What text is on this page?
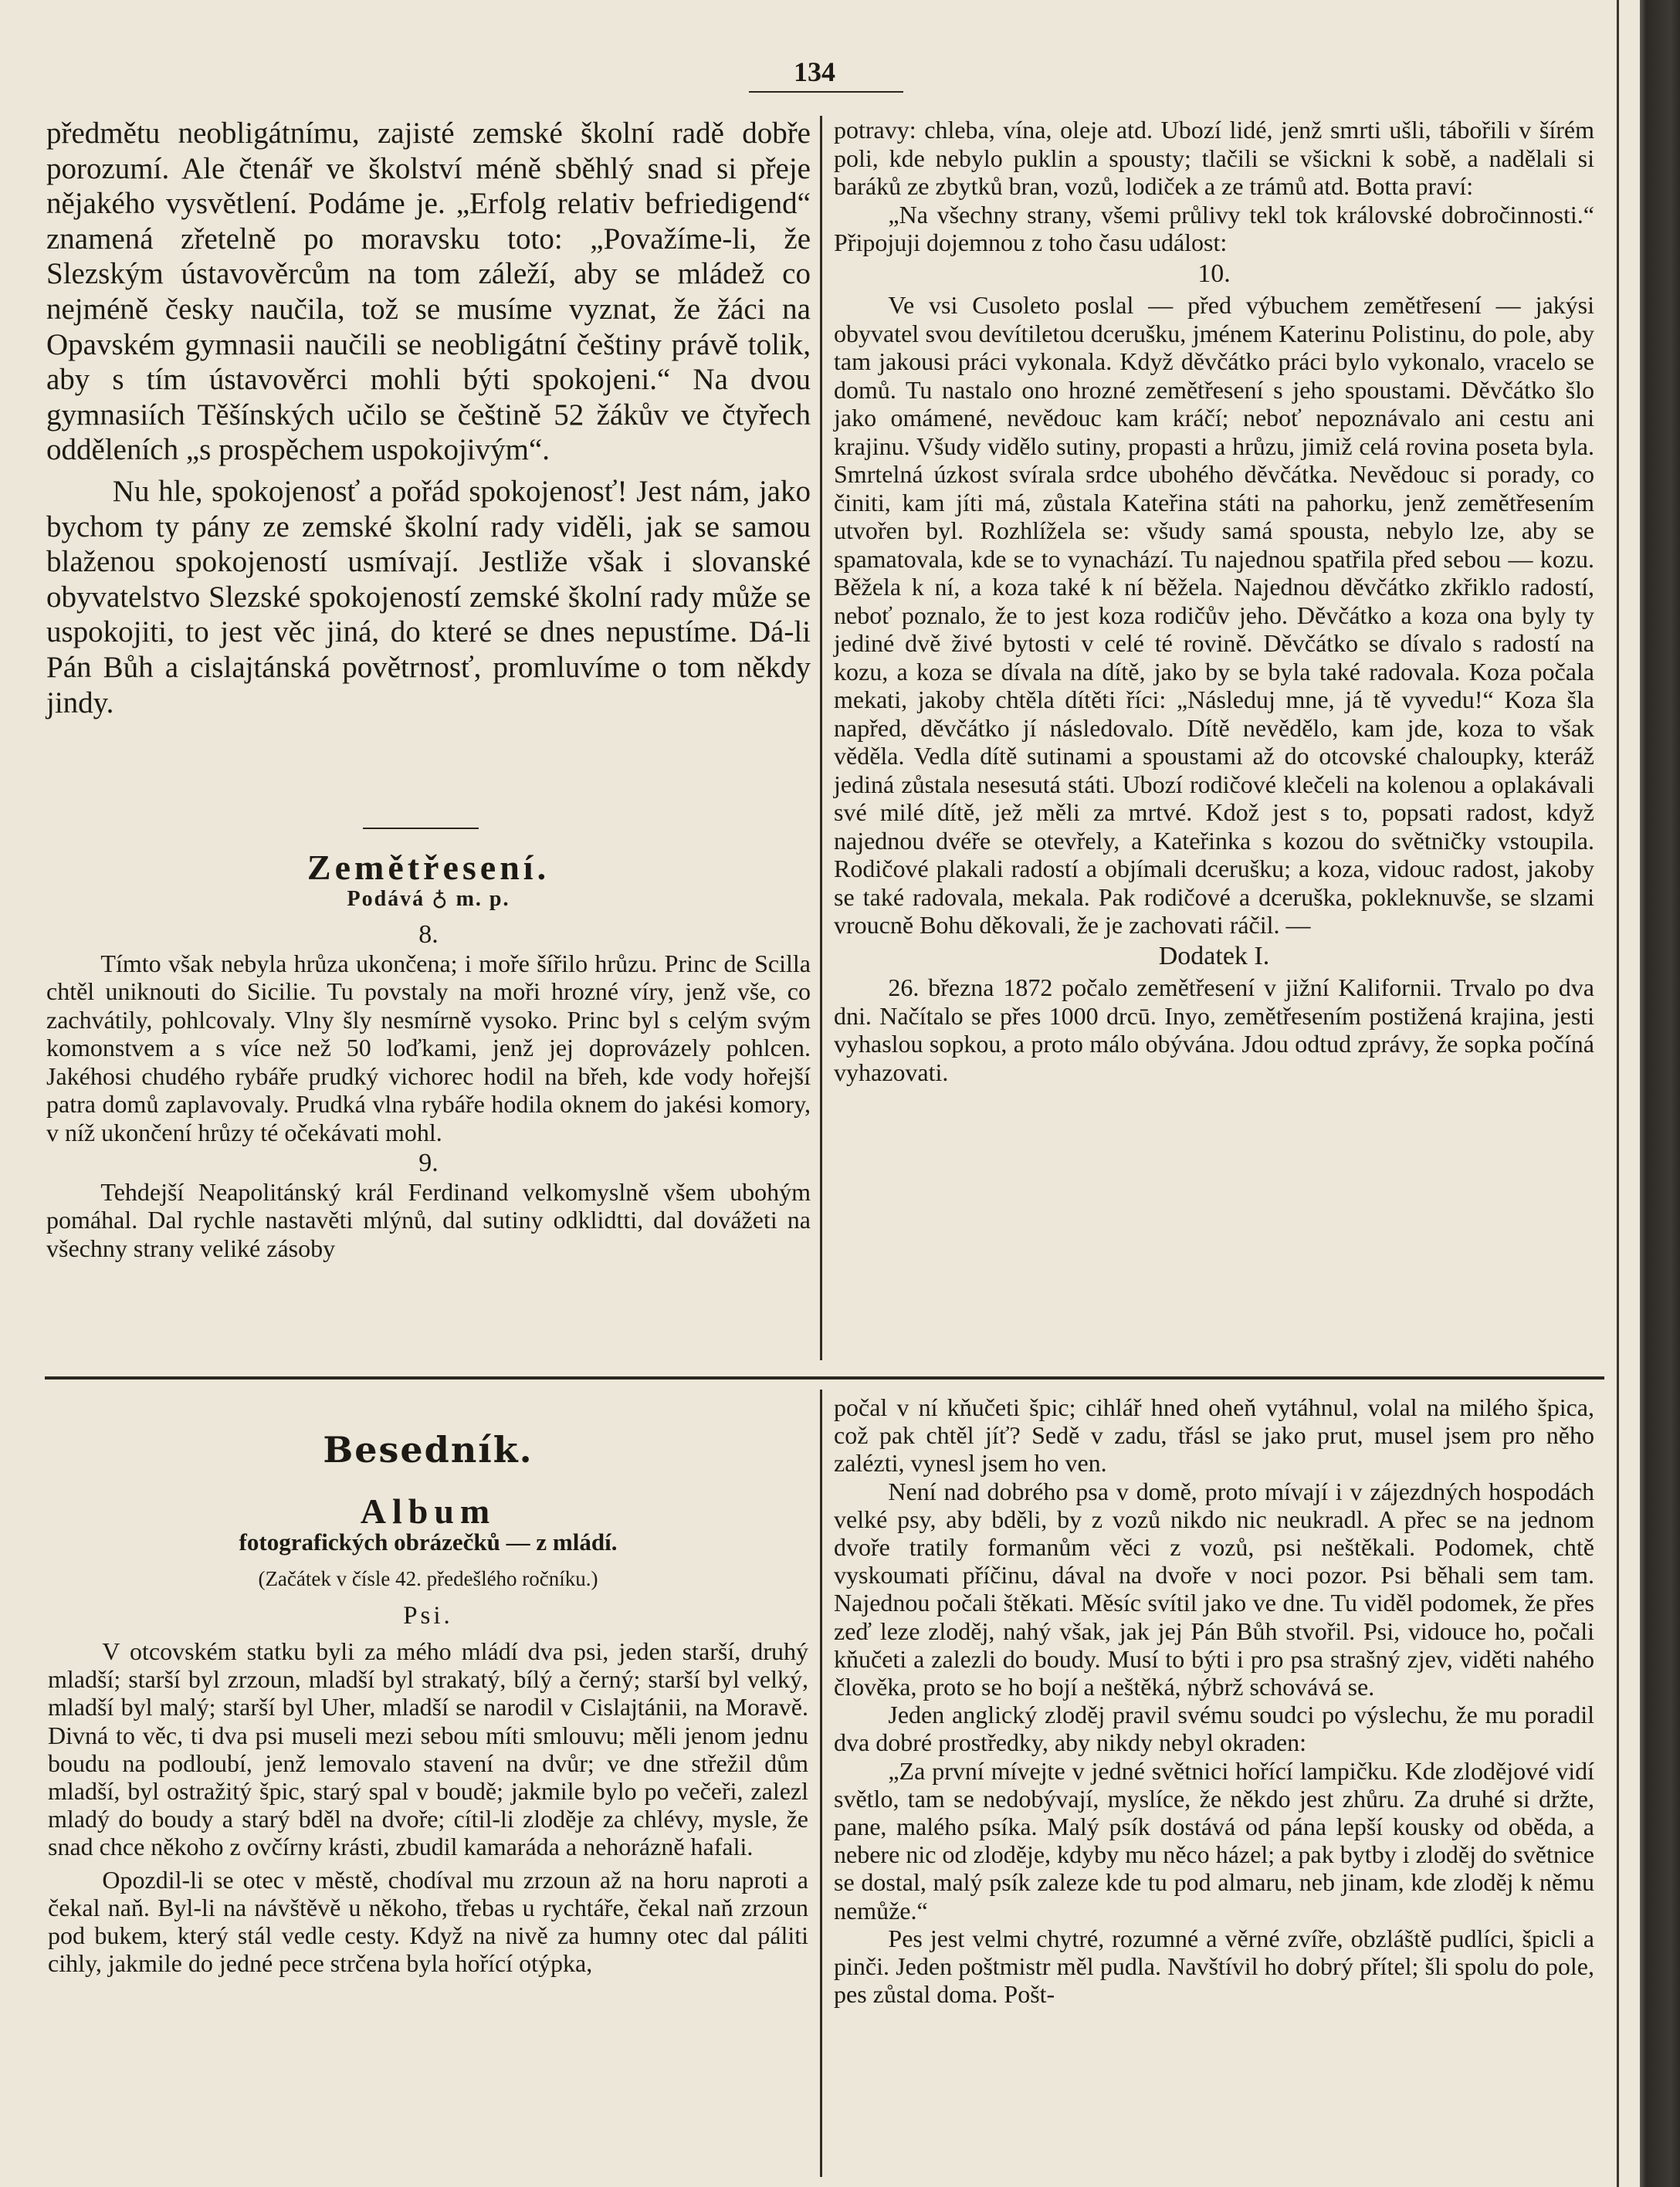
134

předmětu neobligátnímu, zajisté zemské školní radě dobře porozumí. Ale čtenář ve školství méně sběhlý snad si přeje nějakého vysvětlení. Podáme je. „Erfolg relativ befriedigend“ znamená zřetelně po moravsku toto: „Považíme-li, že Slezským ústavověrcům na tom záleží, aby se mládež co nejméně česky naučila, tož se musíme vyznat, že žáci na Opavském gymnasii naučili se neobligátní češtiny právě tolik, aby s tím ústavověrci mohli býti spokojeni.“ Na dvou gymnasiích Těšínských učilo se češtině 52 žákův ve čtyřech odděleních „s prospěchem uspokojivým“.

Nu hle, spokojenosť a pořád spokojenosť! Jest nám, jako bychom ty pány ze zemské školní rady viděli, jak se samou blaženou spokojeností usmívají. Jestliže však i slovanské obyvatelstvo Slezské spokojeností zemské školní rady může se uspokojiti, to jest věc jiná, do které se dnes nepustíme. Dá-li Pán Bůh a cislajtánská povětrnosť, promluvíme o tom někdy jindy.

Zemětřesení.
Podává ♁ m. p.

8.

Tímto však nebyla hrůza ukončena; i moře šířilo hrůzu. Princ de Scilla chtěl uniknouti do Sicilie. Tu povstaly na moři hrozné víry, jenž vše, co zachvátily, pohlcovaly. Vlny šly nesmírně vysoko. Princ byl s celým svým komonstvem a s více než 50 loďkami, jenž jej doprovázely pohlcen. Jakéhosi chudého rybáře prudký vichorec hodil na břeh, kde vody hořejší patra domů zaplavovaly. Prudká vlna rybáře hodila oknem do jakési komory, v níž ukončení hrůzy té očekávati mohl.

9.

Tehdejší Neapolitánský král Ferdinand velkomyslně všem ubohým pomáhal. Dal rychle nastavěti mlýnů, dal sutiny odklidtti, dal dovážeti na všechny strany veliké zásoby

potravy: chleba, vína, oleje atd. Ubozí lidé, jenž smrti ušli, tábořili v šírém poli, kde nebylo puklin a spousty; tlačili se všickni k sobě, a nadělali si baráků ze zbytků bran, vozů, lodiček a ze trámů atd. Botta praví:

„Na všechny strany, všemi průlivy tekl tok královské dobročinnosti.“ Připojuji dojemnou z toho času událost:

10.

Ve vsi Cusoleto poslal — před výbuchem zemětřesení — jakýsi obyvatel svou devítiletou dcerušku, jménem Katerinu Polistinu, do pole, aby tam jakousi práci vykonala. Když děvčátko práci bylo vykonalo, vracelo se domů. Tu nastalo ono hrozné zemětřesení s jeho spoustami. Děvčátko šlo jako omámené, nevědouc kam kráčí; neboť nepoznávalo ani cestu ani krajinu. Všudy vidělo sutiny, propasti a hrůzu, jimiž celá rovina poseta byla. Smrtelná úzkost svírala srdce ubohého děvčátka. Nevědouc si porady, co činiti, kam jíti má, zůstala Kateřina státi na pahorku, jenž zemětřesením utvořen byl. Rozhlížela se: všudy samá spousta, nebylo lze, aby se spamatovala, kde se to vynachází. Tu najednou spatřila před sebou — kozu. Běžela k ní, a koza také k ní běžela. Najednou děvčátko zkřiklo radostí, neboť poznalo, že to jest koza rodičův jeho. Děvčátko a koza ona byly ty jediné dvě živé bytosti v celé té rovině. Děvčátko se dívalo s radostí na kozu, a koza se dívala na dítě, jako by se byla také radovala. Koza počala mekati, jakoby chtěla dítěti říci: „Následuj mne, já tě vyvedu!“ Koza šla napřed, děvčátko jí následovalo. Dítě nevědělo, kam jde, koza to však věděla. Vedla dítě sutinami a spoustami až do otcovské chaloupky, kteráž jediná zůstala nesesutá státi. Ubozí rodičové klečeli na kolenou a oplakávali své milé dítě, jež měli za mrtvé. Kdož jest s to, popsati radost, když najednou dvéře se otevřely, a Kateřinka s kozou do světničky vstoupila. Rodičové plakali radostí a objímali dcerušku; a koza, vidouc radost, jakoby se také radovala, mekala. Pak rodičové a dceruška, pokleknuvše, se slzami vroucně Bohu děkovali, že je zachovati ráčil. —

Dodatek I.

26. března 1872 počalo zemětřesení v jižní Kalifornii. Trvalo po dva dni. Načítalo se přes 1000 drcū. Inyo, zemětřesením postižená krajina, jesti vyhaslou sopkou, a proto málo obývána. Jdou odtud zprávy, že sopka počíná vyhazovati.

Besedník.
Album
fotografických obrázečků — z mládí.
(Začátek v čísle 42. předešlého ročníku.)
Psi.

V otcovském statku byli za mého mládí dva psi, jeden starší, druhý mladší; starší byl zrzoun, mladší byl strakatý, bílý a černý; starší byl velký, mladší byl malý; starší byl Uher, mladší se narodil v Cislajtánii, na Moravě. Divná to věc, ti dva psi museli mezi sebou míti smlouvu; měli jenom jednu boudu na podloubí, jenž lemovalo stavení na dvůr; ve dne střežil dům mladší, byl ostražitý špic, starý spal v boudě; jakmile bylo po večeři, zalezl mladý do boudy a starý bděl na dvoře; cítil-li zloděje za chlévy, mysle, že snad chce někoho z ovčírny krásti, zbudil kamaráda a nehorázně hafali.

Opozdil-li se otec v městě, chodíval mu zrzoun až na horu naproti a čekal naň. Byl-li na návštěvě u někoho, třebas u rychtáře, čekal naň zrzoun pod bukem, který stál vedle cesty. Když na nivě za humny otec dal páliti cihly, jakmile do jedné pece strčena byla hořící otýpka,

počal v ní kňučeti špic; cihlář hned oheň vytáhnul, volal na milého špica, což pak chtěl jíť? Sedě v zadu, třásl se jako prut, musel jsem pro něho zalézti, vynesl jsem ho ven.

Není nad dobrého psa v domě, proto mívají i v zájezdných hospodách velké psy, aby bděli, by z vozů nikdo nic neukradl. A přec se na jednom dvoře tratily formanům věci z vozů, psi neštěkali. Podomek, chtě vyskoumati příčinu, dával na dvoře v noci pozor. Psi běhali sem tam. Najednou počali štěkati. Měsíc svítil jako ve dne. Tu viděl podomek, že přes zeď leze zloděj, nahý však, jak jej Pán Bůh stvořil. Psi, vidouce ho, počali kňučeti a zalezli do boudy. Musí to býti i pro psa strašný zjev, viděti nahého člověka, proto se ho bojí a neštěká, nýbrž schovává se.

Jeden anglický zloděj pravil svému soudci po výslechu, že mu poradil dva dobré prostředky, aby nikdy nebyl okraden:

„Za první mívejte v jedné světnici hořící lampičku. Kde zlodějové vidí světlo, tam se nedobývají, myslíce, že někdo jest zhůru. Za druhé si držte, pane, malého psíka. Malý psík dostává od pána lepší kousky od oběda, a nebere nic od zloděje, kdyby mu něco házel; a pak bytby i zloděj do světnice se dostal, malý psík zaleze kde tu pod almaru, neb jinam, kde zloděj k němu nemůže.“

Pes jest velmi chytré, rozumné a věrné zvíře, obzláště pudlíci, špicli a pinči. Jeden poštmistr měl pudla. Navštívil ho dobrý přítel; šli spolu do pole, pes zůstal doma. Pošt-
